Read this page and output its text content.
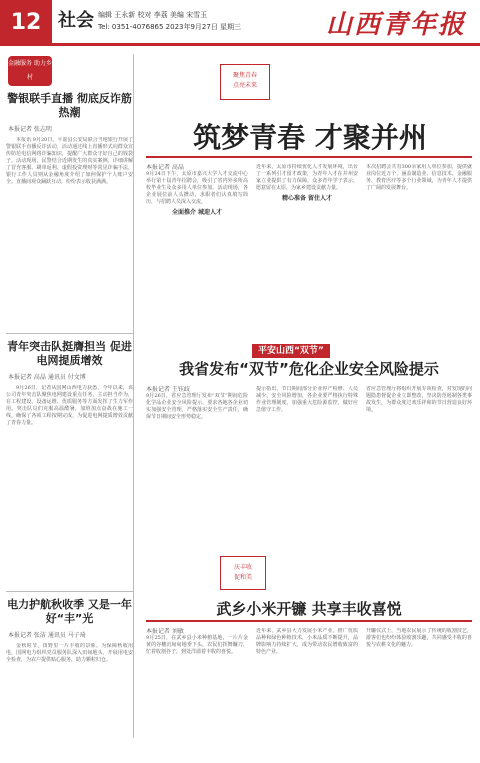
12 社会 编辑 王永新 校对 李荔 美编 宋雪玉
Tel: 0351-4076865 2023年9月27日 星期三	山西青年报
金融服务 助力乡村
警银联手直播 彻底反诈筋热潮
本报记者 张志明

本报讯 9月20日，平遥县公安局联合当地银行开展了警银联手直播反诈活动，活动通过线上直播形式向群众宣传防范电信网络诈骗知识，提醒广大群众守好自己的钱袋子。活动现场，民警结合近期发生的真实案例，详细讲解了冒充客服、刷单返利、虚假投资理财等常见诈骗手法，银行工作人员则从金融角度介绍了如何保护个人账户安全。直播间观众踊跃互动，纷纷表示收获满满。

青年突击队挺膺担当 促进电网提质增效
本报记者 高晶 通讯员 付文博

9月26日，记者从国网山西电力获悉，今年以来，该公司青年突击队聚焦电网建设重点任务，主动担当作为，在工程建设、设备运维、优质服务等方面发挥了生力军作用。突击队员们克服高温酷暑，加班加点奋战在施工一线，确保了各项工程按期完成，为促进电网提质增效贡献了青春力量。

电力护航秋收季 又是一年好“丰”光
本报记者 张洁 通讯员 马子琦

金秋时节，田野里一片丰收的景象。为保障秋收用电，国网电力组织党员服务队深入田间地头，开展用电安全检查，为农户提供贴心服务，助力颗粒归仓。

聚焦青春
点亮未来
筑梦青春 才聚并州
本报记者 高晶

9月24日下午，太原市嘉兴大学人才交流中心举行第十届青年招聘会，吸引了省内外多所高校毕业生及众多用人单位参加。活动现场，各企业展位前人头攒动，求职者们认真填写简历，与招聘人员深入交流。

全面推介 城迎人才

近年来，太原市持续优化人才发展环境，出台了一系列引才留才政策，为青年人才在并州安家立业提供了有力保障。众多青年学子表示，愿意留在太原，为家乡建设贡献力量。

精心准备 留住人才

本次招聘会共有300余家用人单位参加，提供就业岗位近万个，涵盖制造业、信息技术、金融服务、教育医疗等多个行业领域，为青年人才提供了广阔的发展舞台。

平安山西“双节”
我省发布“双节”危化企业安全风险提示
本报记者 王钰歧

9月26日，省应急管理厅发布“双节”期间危险化学品企业安全风险提示，要求各地各企业切实加强安全管理，严格落实安全生产责任，确保节日期间安全形势稳定。

提示指出，节日期间部分企业停产检修、人员减少，安全风险增加，各企业要严格执行特殊作业管理制度，加强重大危险源监控，做好应急值守工作。

省应急管理厅将组织开展专项检查，对发现的问题隐患督促企业立即整改，坚决防范遏制各类事故发生，为群众度过欢乐祥和的节日营造良好环境。

庆丰收
促和美
武乡小米开镰 共享丰收喜悦
本报记者 刘敏

9月25日，在武乡县小米种植基地，一片片金黄的谷穗沉甸甸地垂下头，农民们挥舞镰刀，忙着收割谷子，到处洋溢着丰收的喜悦。

近年来，武乡县大力发展小米产业，推广优质品种和绿色种植技术，小米品质不断提升，品牌影响力持续扩大，成为带动农民增收致富的特色产业。

开镰仪式上，当地农民展示了传统的收割技艺，游客们也纷纷体验收割乐趣，共同感受丰收的喜悦与农耕文化的魅力。
